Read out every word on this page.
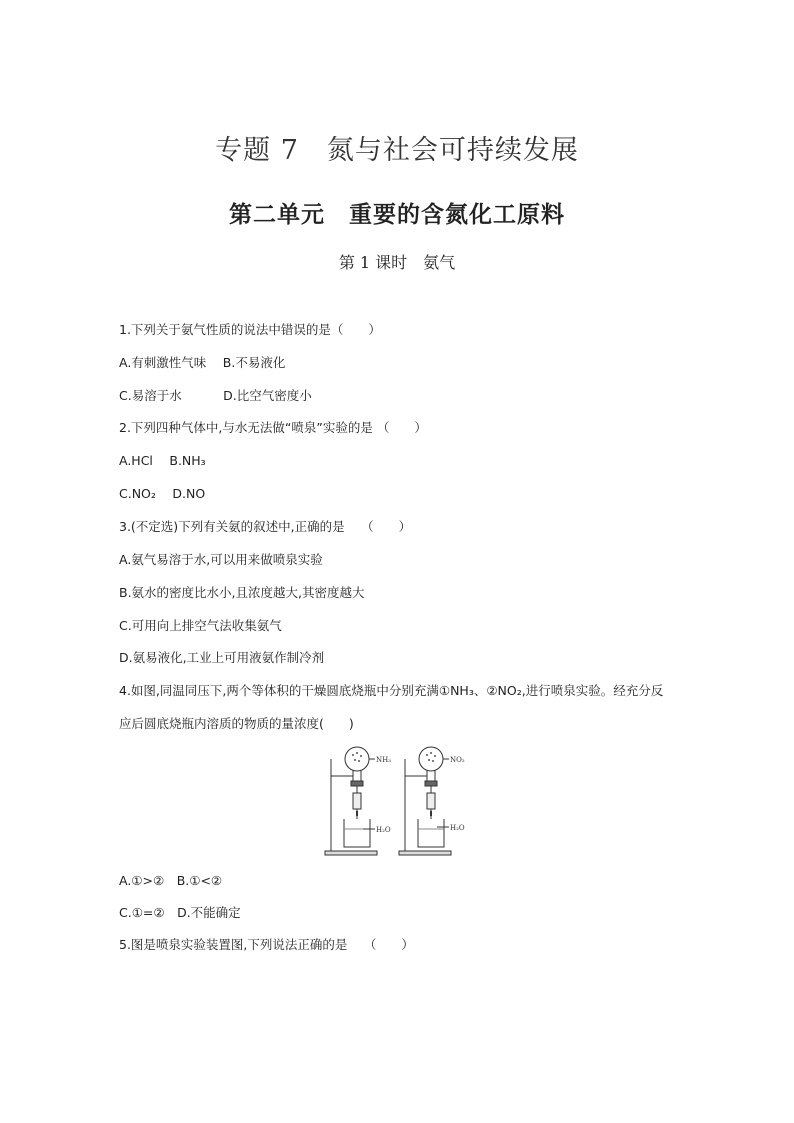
专题 7　氮与社会可持续发展
第二单元　重要的含氮化工原料
第 1 课时　氨气
1.下列关于氨气性质的说法中错误的是（　　）
A.有刺激性气味　 B.不易液化
C.易溶于水　　　 D.比空气密度小
2.下列四种气体中,与水无法做“喷泉”实验的是 （　　）
A.HCl　 B.NH₃
C.NO₂　 D.NO
3.(不定选)下列有关氨的叙述中,正确的是　 （　　）
A.氨气易溶于水,可以用来做喷泉实验
B.氨水的密度比水小,且浓度越大,其密度越大
C.可用向上排空气法收集氨气
D.氨易液化,工业上可用液氨作制冷剂
4.如图,同温同压下,两个等体积的干燥圆底烧瓶中分别充满①NH₃、②NO₂,进行喷泉实验。经充分反
应后圆底烧瓶内溶质的物质的量浓度(　　)
NH₃	NO₂
H₂O	H₂O
A.①>②　B.①<②
C.①=②　D.不能确定
5.图是喷泉实验装置图,下列说法正确的是　 （　　）
